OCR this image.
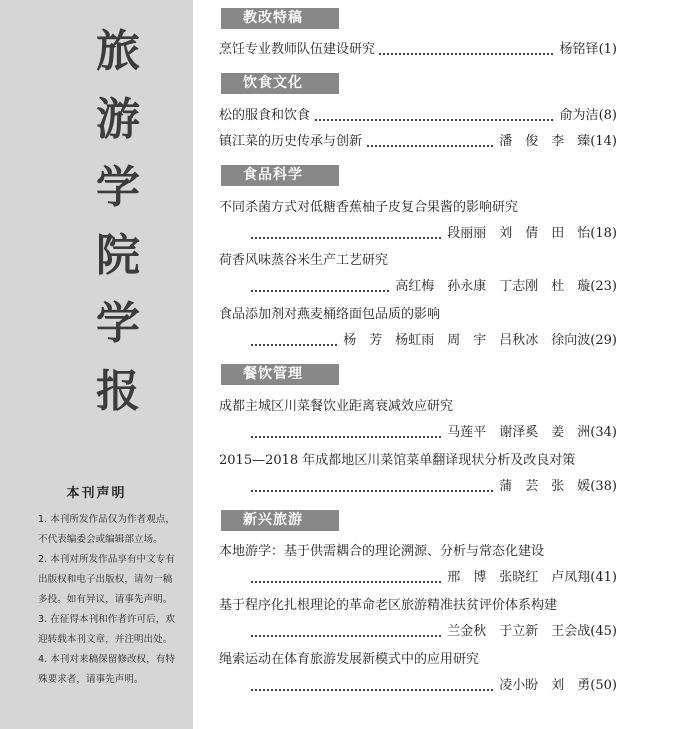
旅
游
学
院
学
报
本刊声明
1. 本刊所发作品仅为作者观点，
不代表编委会或编辑部立场。
2. 本刊对所发作品享有中文专有
出版权和电子出版权，请勿一稿
多投。如有异议，请事先声明。
3. 在征得本刊和作者许可后，欢
迎转载本刊文章，并注明出处。
4. 本刊对来稿保留修改权，有特
殊要求者，请事先声明。
教改特稿
烹饪专业教师队伍建设研究	杨铭铎(1)
饮食文化
松的服食和饮食	俞为洁(8)
镇江菜的历史传承与创新	潘　俊　李　臻(14)
食品科学
不同杀菌方式对低糖香蕉柚子皮复合果酱的影响研究
段丽丽　刘　倩　田　怡(18)
荷香风味蒸谷米生产工艺研究
高红梅　孙永康　丁志刚　杜　璇(23)
食品添加剂对燕麦桶络面包品质的影响
杨　芳　杨虹雨　周　宇　吕秋冰　徐向波(29)
餐饮管理
成都主城区川菜餐饮业距离衰减效应研究
马莲平　谢泽奚　姜　洲(34)
2015—2018 年成都地区川菜馆菜单翻译现状分析及改良对策
蒲　芸　张　媛(38)
新兴旅游
本地游学：基于供需耦合的理论溯源、分析与常态化建设
邢　博　张晓红　卢凤翔(41)
基于程序化扎根理论的革命老区旅游精准扶贫评价体系构建
兰金秋　于立新　王会战(45)
绳索运动在体育旅游发展新模式中的应用研究
凌小盼　刘　勇(50)
